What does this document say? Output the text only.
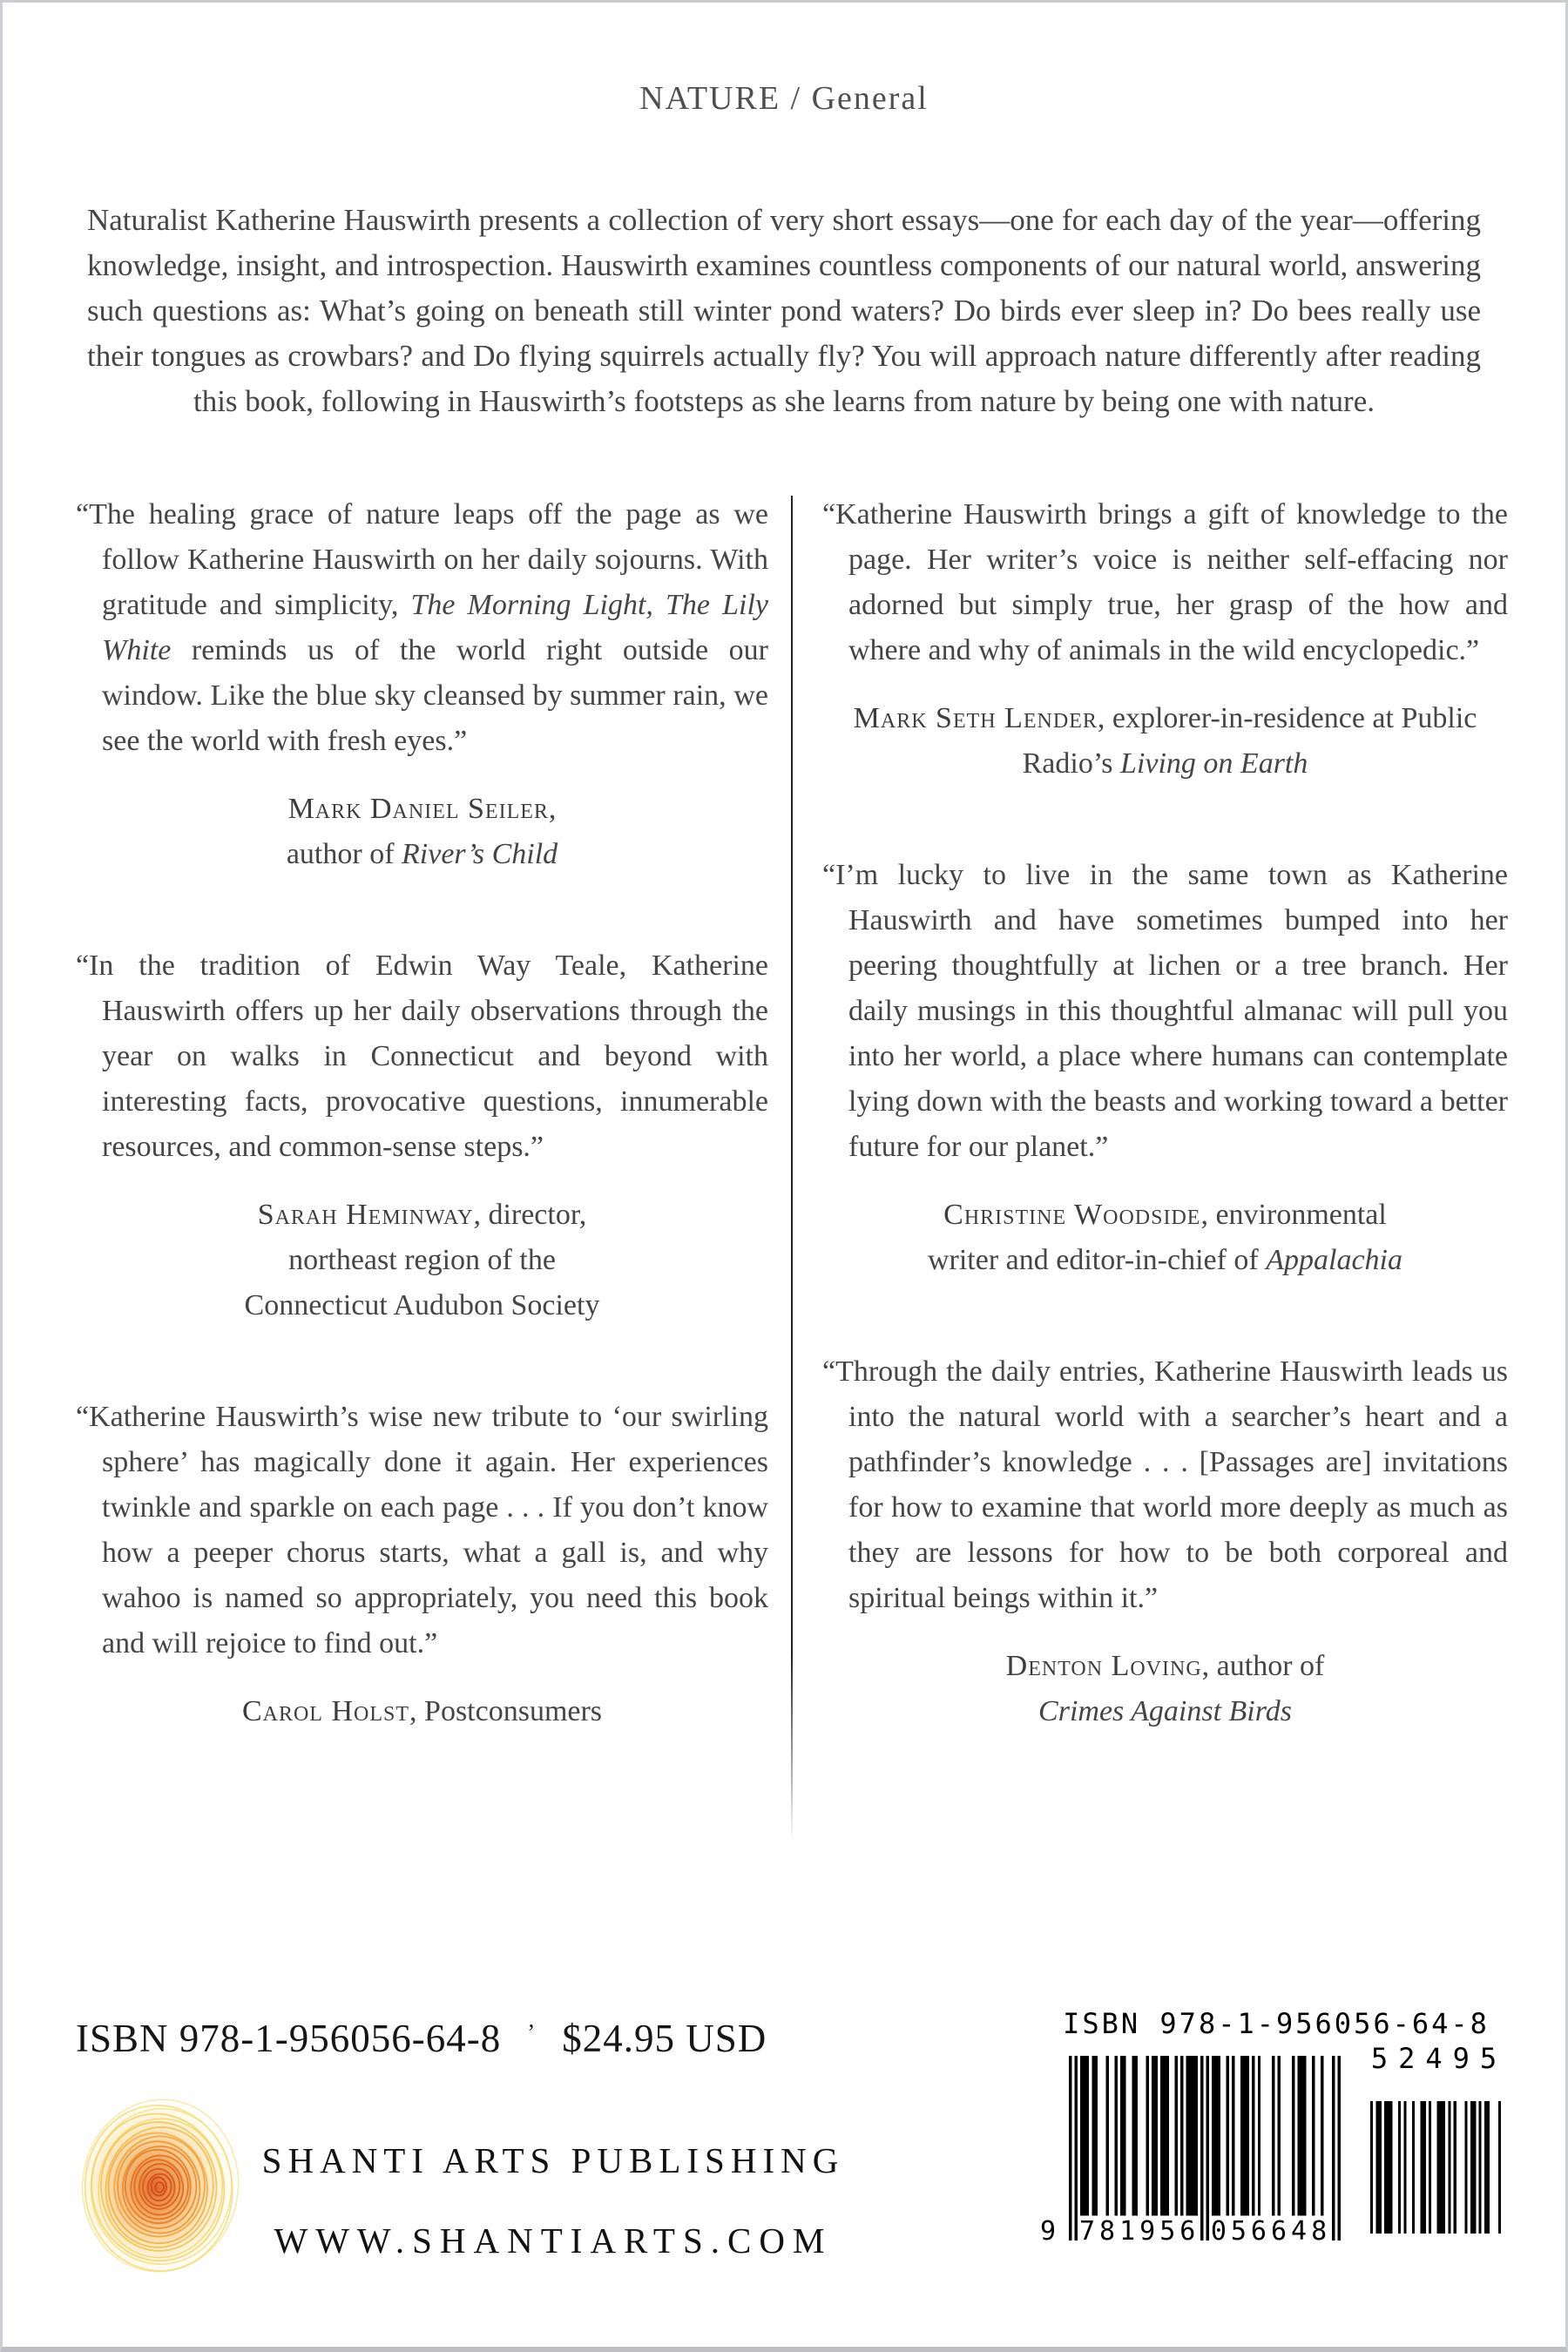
NATURE / General

Naturalist Katherine Hauswirth presents a collection of very short essays—one for each day of the year—offering knowledge, insight, and introspection. Hauswirth examines countless components of our natural world, answering such questions as: What’s going on beneath still winter pond waters? Do birds ever sleep in? Do bees really use their tongues as crowbars? and Do flying squirrels actually fly? You will approach nature differently after reading this book, following in Hauswirth’s footsteps as she learns from nature by being one with nature.

“The healing grace of nature leaps off the page as we follow Katherine Hauswirth on her daily sojourns. With gratitude and simplicity, The Morning Light, The Lily White reminds us of the world right outside our window. Like the blue sky cleansed by summer rain, we see the world with fresh eyes.”

Mark Daniel Seiler,
author of River’s Child

“In the tradition of Edwin Way Teale, Katherine Hauswirth offers up her daily observations through the year on walks in Connecticut and beyond with interesting facts, provocative questions, innumerable resources, and common-sense steps.”

Sarah Heminway, director,
northeast region of the
Connecticut Audubon Society

“Katherine Hauswirth’s wise new tribute to ‘our swirling sphere’ has magically done it again. Her experiences twinkle and sparkle on each page . . . If you don’t know how a peeper chorus starts, what a gall is, and why wahoo is named so appropriately, you need this book and will rejoice to find out.”

Carol Holst, Postconsumers

“Katherine Hauswirth brings a gift of knowledge to the page. Her writer’s voice is neither self-effacing nor adorned but simply true, her grasp of the how and where and why of animals in the wild encyclopedic.”

Mark Seth Lender, explorer-in-residence at Public Radio’s Living on Earth

“I’m lucky to live in the same town as Katherine Hauswirth and have sometimes bumped into her peering thoughtfully at lichen or a tree branch. Her daily musings in this thoughtful almanac will pull you into her world, a place where humans can contemplate lying down with the beasts and working toward a better future for our planet.”

Christine Woodside, environmental
writer and editor-in-chief of Appalachia

“Through the daily entries, Katherine Hauswirth leads us into the natural world with a searcher’s heart and a pathfinder’s knowledge . . . [Passages are] invitations for how to examine that world more deeply as much as they are lessons for how to be both corporeal and spiritual beings within it.”

Denton Loving, author of
Crimes Against Birds

ISBN 978-1-956056-64-8 ’ $24.95 USD
SHANTI ARTS PUBLISHING
WWW.SHANTIARTS.COM
ISBN 978-1-956056-64-8
52495
9 781956 056648
